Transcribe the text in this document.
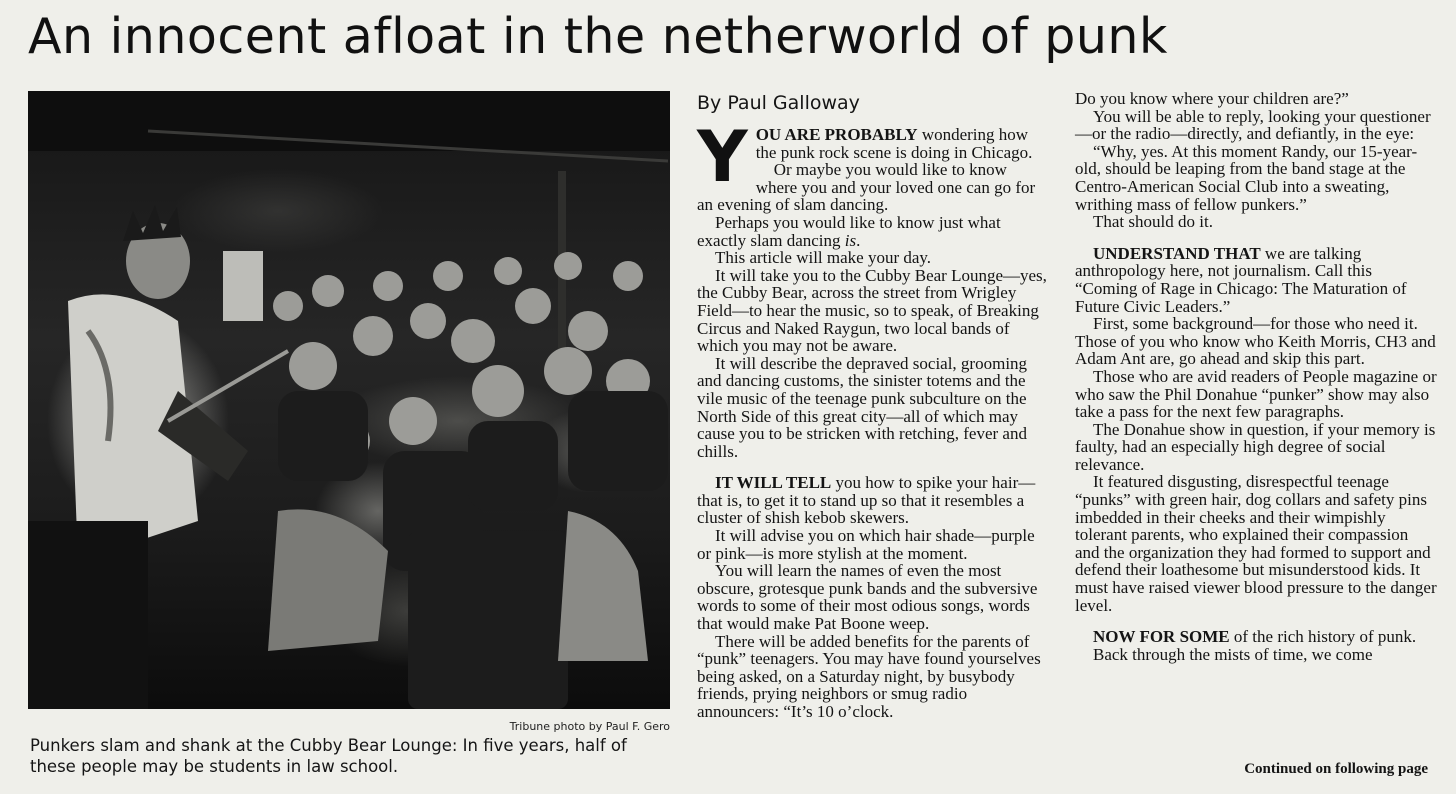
An innocent afloat in the netherworld of punk
Tribune photo by Paul F. Gero
Punkers slam and shank at the Cubby Bear Lounge: In five years, half of these people may be students in law school.
By Paul Galloway

YOU ARE PROBABLY wondering how the punk rock scene is doing in Chicago.

Or maybe you would like to know where you and your loved one can go for an evening of slam dancing.

Perhaps you would like to know just what exactly slam dancing is.

This article will make your day.

It will take you to the Cubby Bear Lounge—yes, the Cubby Bear, across the street from Wrigley Field—to hear the music, so to speak, of Breaking Circus and Naked Raygun, two local bands of which you may not be aware.

It will describe the depraved social, grooming and dancing customs, the sinister totems and the vile music of the teenage punk subculture on the North Side of this great city—all of which may cause you to be stricken with retching, fever and chills.

IT WILL TELL you how to spike your hair—that is, to get it to stand up so that it resembles a cluster of shish kebob skewers.

It will advise you on which hair shade—purple or pink—is more stylish at the moment.

You will learn the names of even the most obscure, grotesque punk bands and the subversive words to some of their most odious songs, words that would make Pat Boone weep.

There will be added benefits for the parents of “punk” teenagers. You may have found yourselves being asked, on a Saturday night, by busybody friends, prying neighbors or smug radio announcers: “It’s 10 o’clock.

Do you know where your children are?”

You will be able to reply, looking your questioner—or the radio—directly, and defiantly, in the eye:

“Why, yes. At this moment Randy, our 15-year-old, should be leaping from the band stage at the Centro-American Social Club into a sweating, writhing mass of fellow punkers.”

That should do it.

UNDERSTAND THAT we are talking anthropology here, not journalism. Call this “Coming of Rage in Chicago: The Maturation of Future Civic Leaders.”

First, some background—for those who need it. Those of you who know who Keith Morris, CH3 and Adam Ant are, go ahead and skip this part.

Those who are avid readers of People magazine or who saw the Phil Donahue “punker” show may also take a pass for the next few paragraphs.

The Donahue show in question, if your memory is faulty, had an especially high degree of social relevance.

It featured disgusting, disrespectful teenage “punks” with green hair, dog collars and safety pins imbedded in their cheeks and their wimpishly tolerant parents, who explained their compassion and the organization they had formed to support and defend their loathesome but misunderstood kids. It must have raised viewer blood pressure to the danger level.

NOW FOR SOME of the rich history of punk.

Back through the mists of time, we come

Continued on following page
